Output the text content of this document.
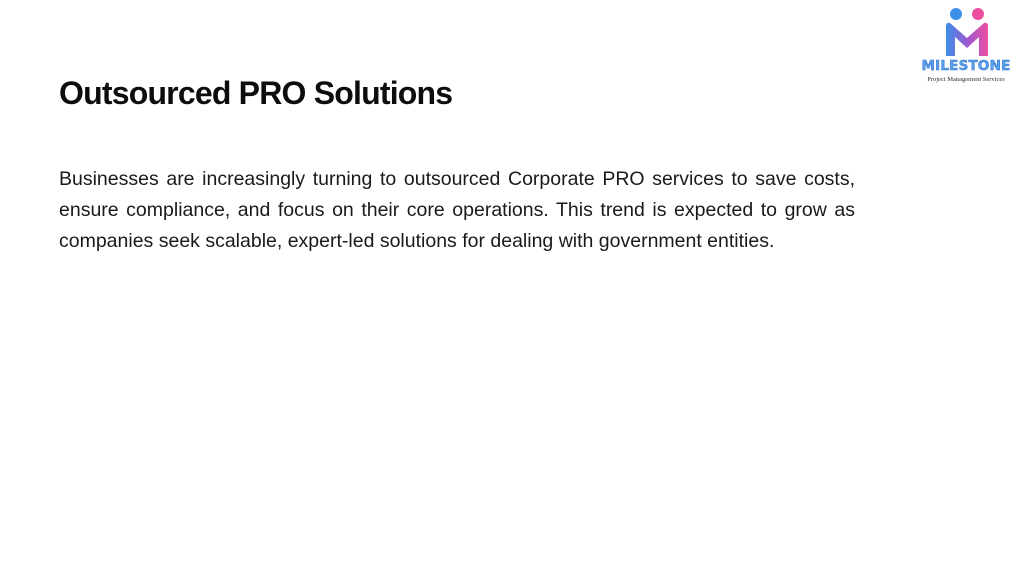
MILESTONE
Project Management Services
Outsourced PRO Solutions

Businesses are increasingly turning to outsourced Corporate PRO services to save costs, ensure compliance, and focus on their core operations. This trend is expected to grow as companies seek scalable, expert-led solutions for dealing with government entities.
